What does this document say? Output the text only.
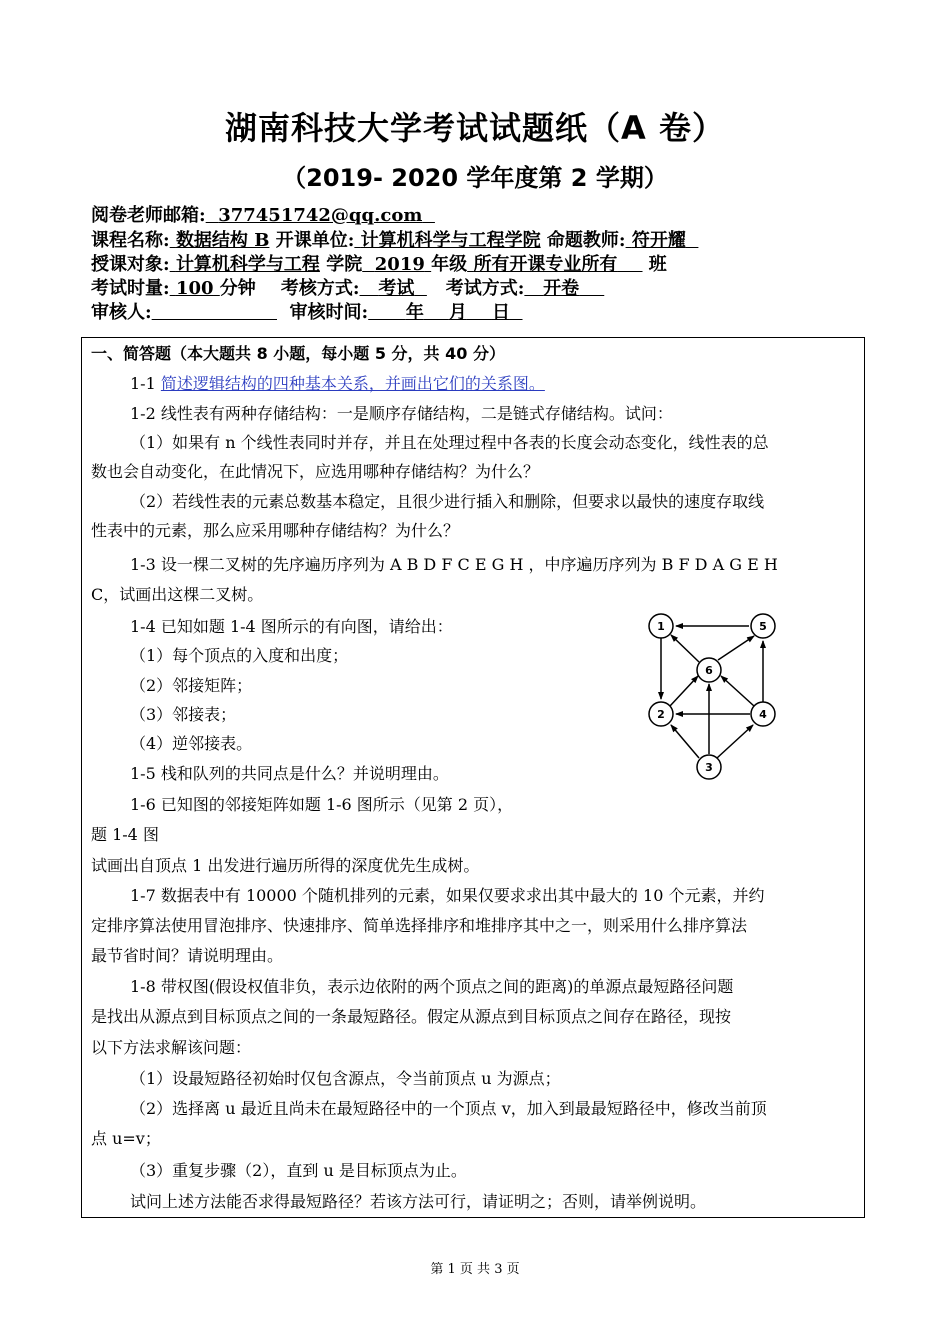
湖南科技大学考试试题纸（A 卷）
（2019- 2020 学年度第 2 学期）
阅卷老师邮箱: 377451742@qq.com
课程名称: 数据结构 B 开课单位: 计算机科学与工程学院 命题教师: 符开耀
授课对象: 计算机科学与工程 学院 2019 年级 所有开课专业所有 班
考试时量: 100 分钟 考核方式: 考试 考试方式: 开卷
审核人:	审核时间: 年 月 日
一、简答题（本大题共 8 小题，每小题 5 分，共 40 分）
1-1 简述逻辑结构的四种基本关系，并画出它们的关系图。
1-2 线性表有两种存储结构：一是顺序存储结构，二是链式存储结构。试问：
（1）如果有 n 个线性表同时并存，并且在处理过程中各表的长度会动态变化，线性表的总
数也会自动变化，在此情况下，应选用哪种存储结构？为什么？
（2）若线性表的元素总数基本稳定，且很少进行插入和删除，但要求以最快的速度存取线
性表中的元素，那么应采用哪种存储结构？为什么？
1-3 设一棵二叉树的先序遍历序列为 A B D F C E G H ，中序遍历序列为 B F D A G E H
C，试画出这棵二叉树。
1-4 已知如题 1-4 图所示的有向图，请给出：
（1）每个顶点的入度和出度；
（2）邻接矩阵；
（3）邻接表；
（4）逆邻接表。
1-5 栈和队列的共同点是什么？并说明理由。
1-6 已知图的邻接矩阵如题 1-6 图所示（见第 2 页），
题 1-4 图
试画出自顶点 1 出发进行遍历所得的深度优先生成树。
1-7 数据表中有 10000 个随机排列的元素，如果仅要求求出其中最大的 10 个元素，并约
定排序算法使用冒泡排序、快速排序、简单选择排序和堆排序其中之一，则采用什么排序算法
最节省时间？请说明理由。
1-8 带权图(假设权值非负，表示边依附的两个顶点之间的距离)的单源点最短路径问题
是找出从源点到目标顶点之间的一条最短路径。假定从源点到目标顶点之间存在路径，现按
以下方法求解该问题：
（1）设最短路径初始时仅包含源点，令当前顶点 u 为源点；
（2）选择离 u 最近且尚未在最短路径中的一个顶点 v，加入到最最短路径中，修改当前顶
点 u=v；
（3）重复步骤（2），直到 u 是目标顶点为止。
试问上述方法能否求得最短路径？若该方法可行，请证明之；否则，请举例说明。
1
2
3
4
5
6
第 1 页 共 3 页
